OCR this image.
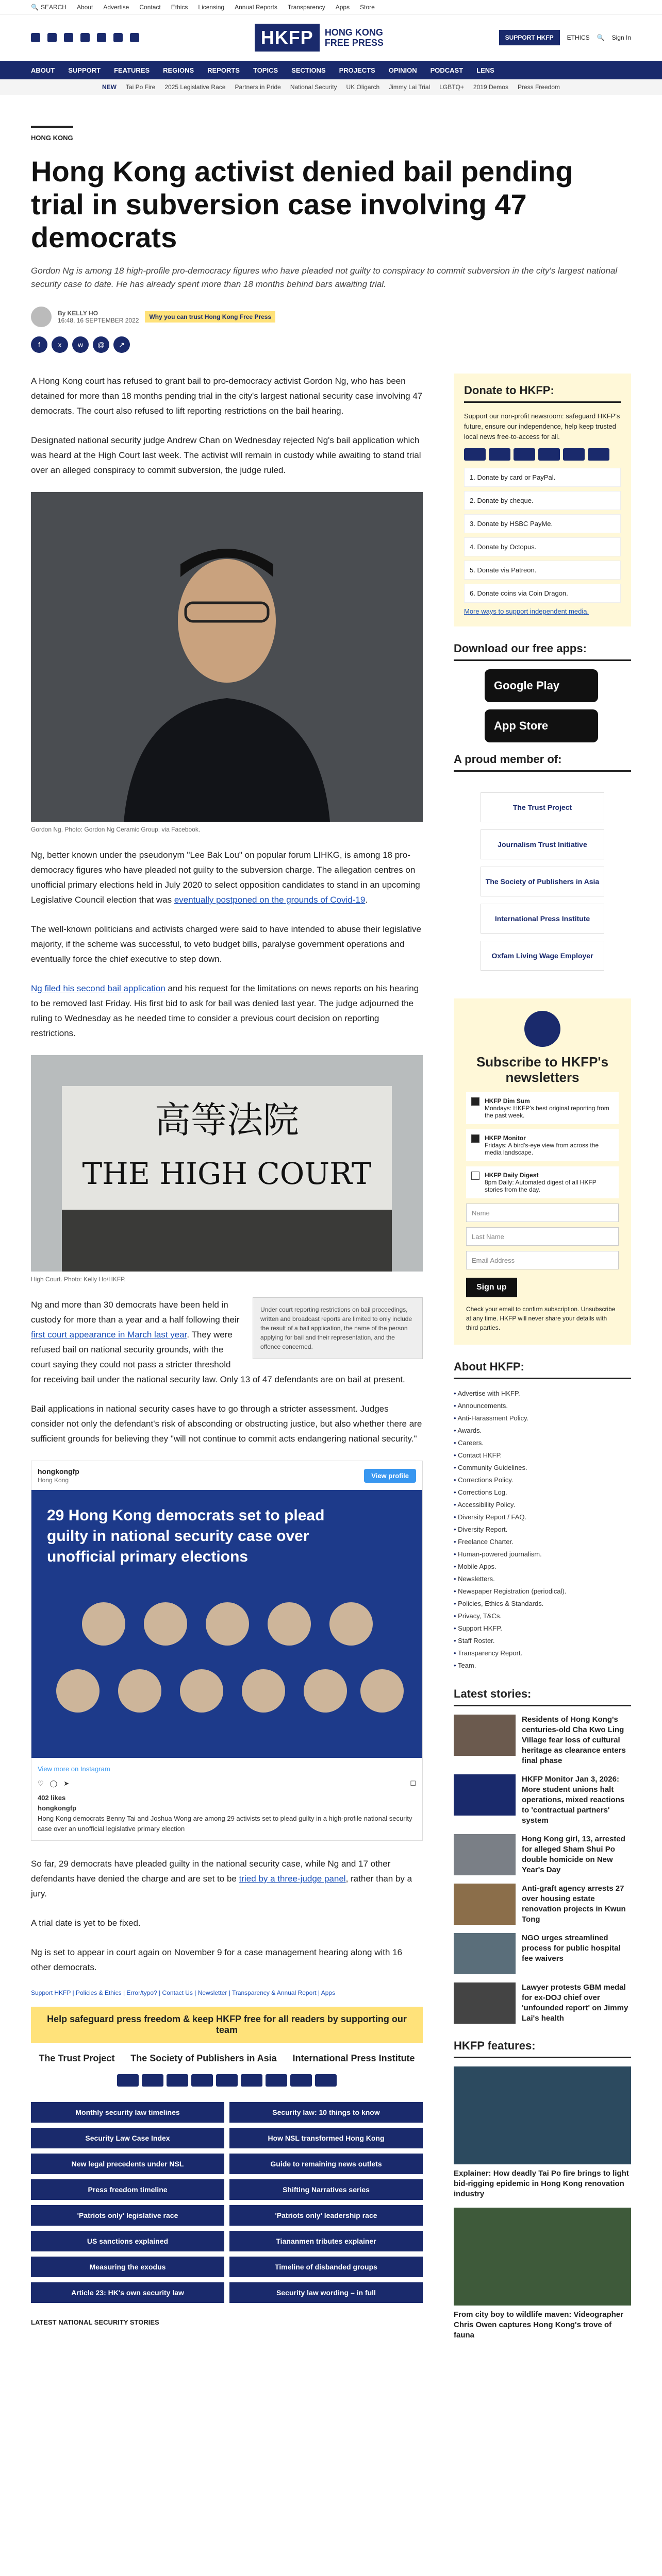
🔍 SEARCH About Advertise Contact Ethics Licensing Annual Reports Transparency Apps Store
HKFP	HONG KONG
FREE PRESS	SUPPORT HKFP	ETHICS 🔍 Sign In
ABOUT SUPPORT FEATURES REGIONS REPORTS TOPICS SECTIONS PROJECTS OPINION PODCAST LENS
NEW Tai Po Fire 2025 Legislative Race Partners in Pride National Security UK Oligarch Jimmy Lai Trial LGBTQ+ 2019 Demos Press Freedom
HONG KONG
Hong Kong activist denied bail pending trial in subversion case involving 47 democrats

Gordon Ng is among 18 high-profile pro-democracy figures who have pleaded not guilty to conspiracy to commit subversion in the city's largest national security case to date. He has already spent more than 18 months behind bars awaiting trial.

By KELLY HO
16:48, 16 SEPTEMBER 2022	Why you can trust Hong Kong Free Press
f	x	w	@	↗

A Hong Kong court has refused to grant bail to pro-democracy activist Gordon Ng, who has been detained for more than 18 months pending trial in the city's largest national security case involving 47 democrats. The court also refused to lift reporting restrictions on the bail hearing.

Designated national security judge Andrew Chan on Wednesday rejected Ng's bail application which was heard at the High Court last week. The activist will remain in custody while awaiting to stand trial over an alleged conspiracy to commit subversion, the judge ruled.

Gordon Ng. Photo: Gordon Ng Ceramic Group, via Facebook.

Ng, better known under the pseudonym "Lee Bak Lou" on popular forum LIHKG, is among 18 pro-democracy figures who have pleaded not guilty to the subversion charge. The allegation centres on unofficial primary elections held in July 2020 to select opposition candidates to stand in an upcoming Legislative Council election that was eventually postponed on the grounds of Covid-19.

The well-known politicians and activists charged were said to have intended to abuse their legislative majority, if the scheme was successful, to veto budget bills, paralyse government operations and eventually force the chief executive to step down.

Ng filed his second bail application and his request for the limitations on news reports on his hearing to be removed last Friday. His first bid to ask for bail was denied last year. The judge adjourned the ruling to Wednesday as he needed time to consider a previous court decision on reporting restrictions.

高等法院
THE HIGH COURT
High Court. Photo: Kelly Ho/HKFP.
Under court reporting restrictions on bail proceedings, written and broadcast reports are limited to only include the result of a bail application, the name of the person applying for bail and their representation, and the offence concerned.

Ng and more than 30 democrats have been held in custody for more than a year and a half following their first court appearance in March last year. They were refused bail on national security grounds, with the court saying they could not pass a stricter threshold for receiving bail under the national security law. Only 13 of 47 defendants are on bail at present.

Bail applications in national security cases have to go through a stricter assessment. Judges consider not only the defendant's risk of absconding or obstructing justice, but also whether there are sufficient grounds for believing they "will not continue to commit acts endangering national security."

hongkongfp
Hong Kong
View profile
29 Hong Kong democrats set to plead guilty in national security case over unofficial primary elections
View more on Instagram
♡ ◯ ➤	☐
402 likes
hongkongfp
Hong Kong democrats Benny Tai and Joshua Wong are among 29 activists set to plead guilty in a high-profile national security case over an unofficial legislative primary election

So far, 29 democrats have pleaded guilty in the national security case, while Ng and 17 other defendants have denied the charge and are set to be tried by a three-judge panel, rather than by a jury.

A trial date is yet to be fixed.

Ng is set to appear in court again on November 9 for a case management hearing along with 16 other democrats.

Support HKFP | Policies & Ethics | Error/typo? | Contact Us | Newsletter | Transparency & Annual Report | Apps
Help safeguard press freedom & keep HKFP free for all readers by supporting our team
The Trust Project The Society of Publishers in Asia International Press Institute
Monthly security law timelines	Security law: 10 things to know
Security Law Case Index	How NSL transformed Hong Kong
New legal precedents under NSL	Guide to remaining news outlets
Press freedom timeline	Shifting Narratives series
'Patriots only' legislative race	'Patriots only' leadership race
US sanctions explained	Tiananmen tributes explainer
Measuring the exodus	Timeline of disbanded groups
Article 23: HK's own security law	Security law wording – in full
LATEST NATIONAL SECURITY STORIES
Donate to HKFP:

Support our non-profit newsroom: safeguard HKFP's future, ensure our independence, help keep trusted local news free-to-access for all.

1. Donate by card or PayPal.
2. Donate by cheque.
3. Donate by HSBC PayMe.
4. Donate by Octopus.
5. Donate via Patreon.
6. Donate coins via Coin Dragon.
More ways to support independent media.
Download our free apps:
Google Play
App Store
A proud member of:
The Trust Project
Journalism Trust Initiative
The Society of Publishers in Asia
International Press Institute
Oxfam Living Wage Employer
Subscribe to HKFP's newsletters
HKFP Dim Sum
Mondays: HKFP's best original reporting from the past week.
HKFP Monitor
Fridays: A bird's-eye view from across the media landscape.
HKFP Daily Digest
8pm Daily: Automated digest of all HKFP stories from the day.
Name
Last Name
Email Address
Sign up
Check your email to confirm subscription. Unsubscribe at any time. HKFP will never share your details with third parties.
About HKFP:
• Advertise with HKFP.
• Announcements.
• Anti-Harassment Policy.
• Awards.
• Careers.
• Contact HKFP.
• Community Guidelines.
• Corrections Policy.
• Corrections Log.
• Accessibility Policy.
• Diversity Report / FAQ.
• Diversity Report.
• Freelance Charter.
• Human-powered journalism.
• Mobile Apps.
• Newsletters.
• Newspaper Registration (periodical).
• Policies, Ethics & Standards.
• Privacy, T&Cs.
• Support HKFP.
• Staff Roster.
• Transparency Report.
• Team.
Latest stories:
Residents of Hong Kong's centuries-old Cha Kwo Ling Village fear loss of cultural heritage as clearance enters final phase
HKFP Monitor Jan 3, 2026: More student unions halt operations, mixed reactions to 'contractual partners' system
Hong Kong girl, 13, arrested for alleged Sham Shui Po double homicide on New Year's Day
Anti-graft agency arrests 27 over housing estate renovation projects in Kwun Tong
NGO urges streamlined process for public hospital fee waivers
Lawyer protests GBM medal for ex-DOJ chief over 'unfounded report' on Jimmy Lai's health
HKFP features:
Explainer: How deadly Tai Po fire brings to light bid-rigging epidemic in Hong Kong renovation industry
From city boy to wildlife maven: Videographer Chris Owen captures Hong Kong's trove of fauna
